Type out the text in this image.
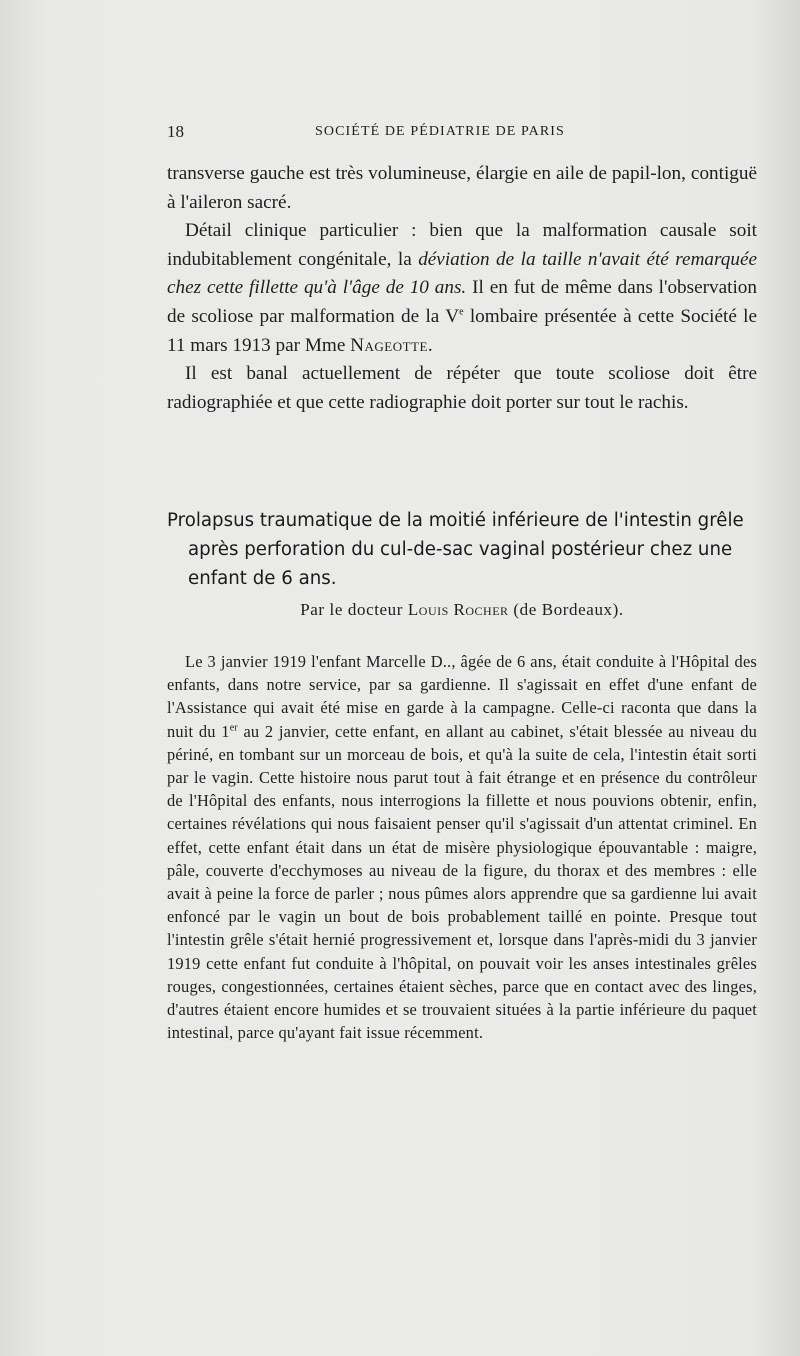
18	SOCIÉTÉ DE PÉDIATRIE DE PARIS

transverse gauche est très volumineuse, élargie en aile de papil-lon, contiguë à l'aileron sacré.

Détail clinique particulier : bien que la malformation causale soit indubitablement congénitale, la déviation de la taille n'avait été remarquée chez cette fillette qu'à l'âge de 10 ans. Il en fut de même dans l'observation de scoliose par malformation de la Ve lombaire présentée à cette Société le 11 mars 1913 par Mme Nageotte.

Il est banal actuellement de répéter que toute scoliose doit être radiographiée et que cette radiographie doit porter sur tout le rachis.

Prolapsus traumatique de la moitié inférieure de l'intestin grêle
après perforation du cul-de-sac vaginal postérieur chez une enfant de 6 ans.
Par le docteur Louis Rocher (de Bordeaux).

Le 3 janvier 1919 l'enfant Marcelle D.., âgée de 6 ans, était conduite à l'Hôpital des enfants, dans notre service, par sa gardienne. Il s'agissait en effet d'une enfant de l'Assistance qui avait été mise en garde à la campagne. Celle-ci raconta que dans la nuit du 1er au 2 janvier, cette enfant, en allant au cabinet, s'était blessée au niveau du périné, en tombant sur un morceau de bois, et qu'à la suite de cela, l'intestin était sorti par le vagin. Cette histoire nous parut tout à fait étrange et en présence du contrôleur de l'Hôpital des enfants, nous interrogions la fillette et nous pouvions obtenir, enfin, certaines révélations qui nous faisaient penser qu'il s'agissait d'un attentat criminel. En effet, cette enfant était dans un état de misère physiologique épouvantable : maigre, pâle, couverte d'ecchymoses au niveau de la figure, du thorax et des membres : elle avait à peine la force de parler ; nous pûmes alors apprendre que sa gardienne lui avait enfoncé par le vagin un bout de bois probablement taillé en pointe. Presque tout l'intestin grêle s'était hernié progressivement et, lorsque dans l'après-midi du 3 janvier 1919 cette enfant fut conduite à l'hôpital, on pouvait voir les anses intestinales grêles rouges, congestionnées, certaines étaient sèches, parce que en contact avec des linges, d'autres étaient encore humides et se trouvaient situées à la partie inférieure du paquet intestinal, parce qu'ayant fait issue récemment.
